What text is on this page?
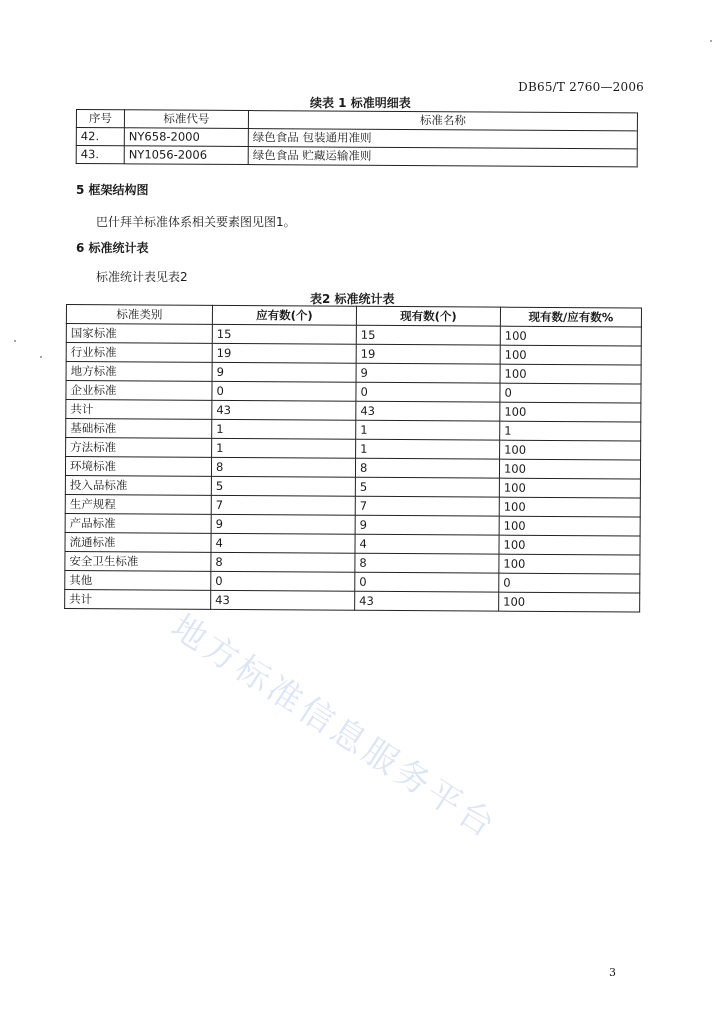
DB65/T 2760—2006
续表 1 标准明细表
序号	标准代号	标准名称
42.	NY658-2000	绿色食品 包装通用准则
43.	NY1056-2006	绿色食品 贮藏运输准则
5 框架结构图
巴什拜羊标准体系相关要素图见图1。
6 标准统计表
标准统计表见表2
表2 标准统计表
标准类别	应有数(个)	现有数(个)	现有数/应有数%
国家标准	15	15	100
行业标准	19	19	100
地方标准	9	9	100
企业标准	0	0	0
共计	43	43	100
基础标准	1	1	1
方法标准	1	1	100
环境标准	8	8	100
投入品标准	5	5	100
生产规程	7	7	100
产品标准	9	9	100
流通标准	4	4	100
安全卫生标准	8	8	100
其他	0	0	0
共计	43	43	100
地方标准信息服务平台
3
